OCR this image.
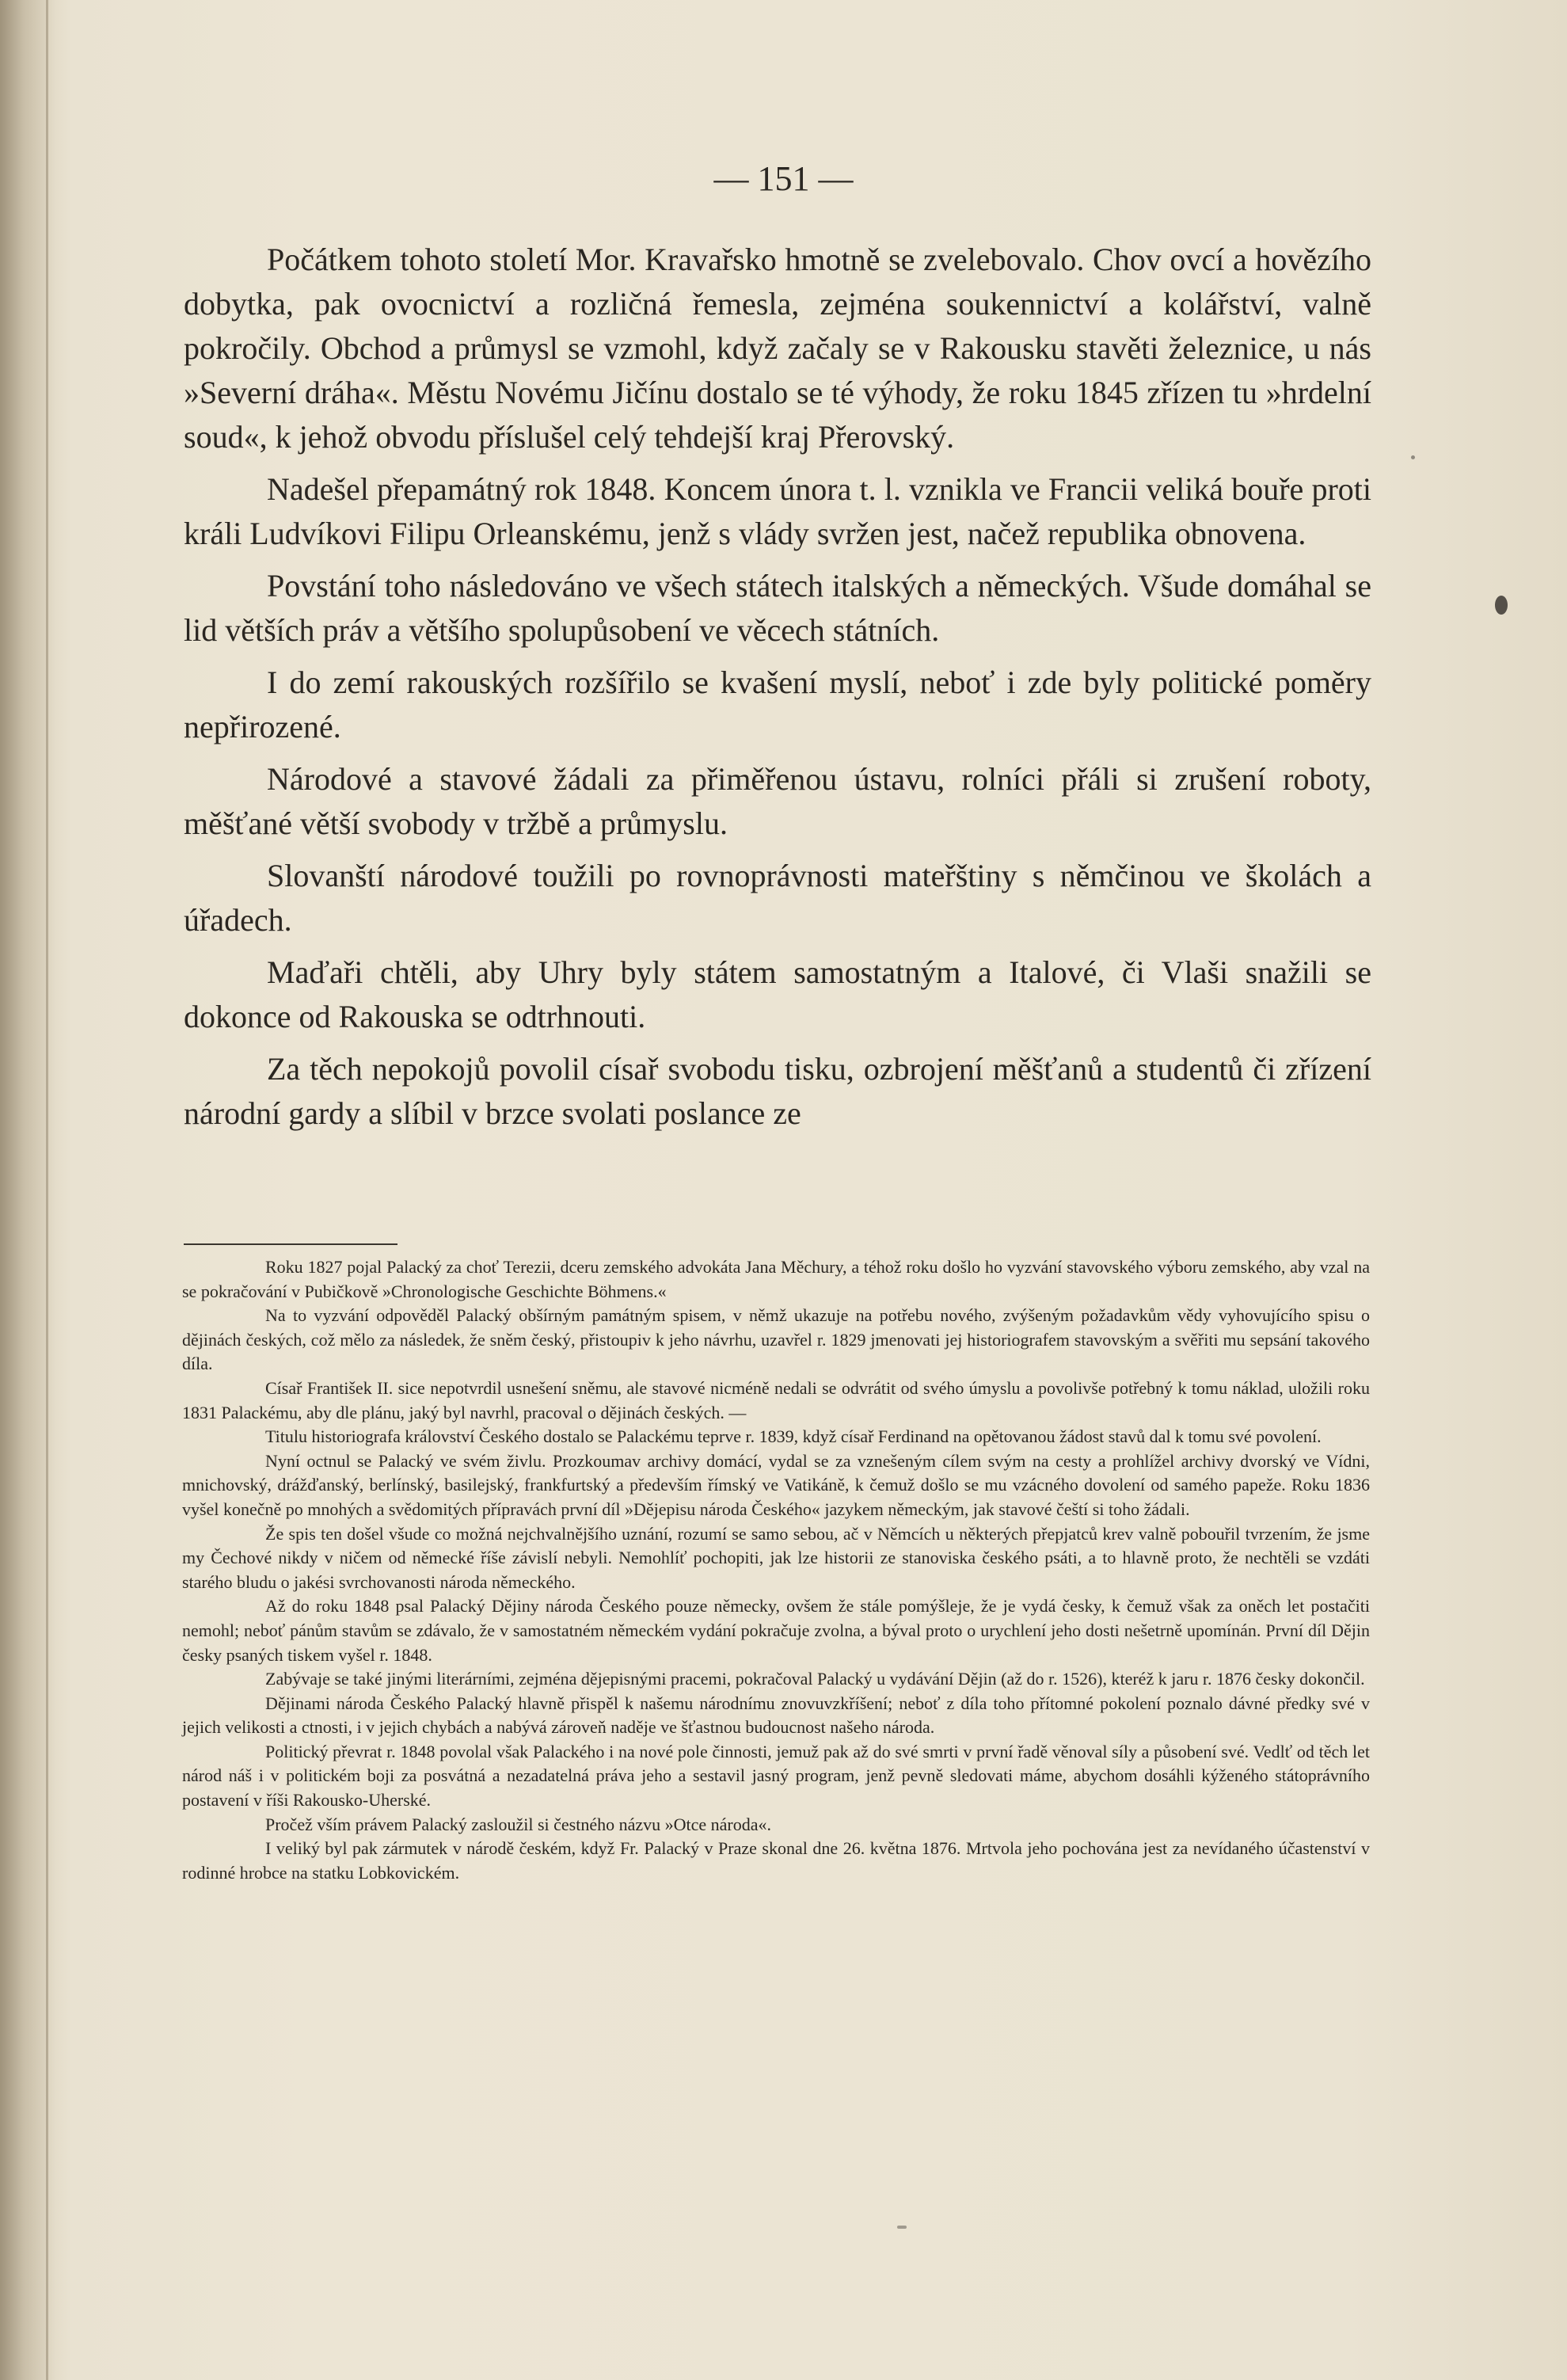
— 151 —

Počátkem tohoto století Mor. Kravařsko hmotně se zvelebovalo. Chov ovcí a hovězího dobytka, pak ovocnictví a rozličná řemesla, zejména soukennictví a kolářství, valně pokročily. Obchod a průmysl se vzmohl, když začaly se v Rakousku stavěti železnice, u nás »Severní dráha«. Městu Novému Jičínu dostalo se té výhody, že roku 1845 zřízen tu »hrdelní soud«, k jehož obvodu příslušel celý tehdejší kraj Přerovský.

Nadešel přepamátný rok 1848. Koncem února t. l. vznikla ve Francii veliká bouře proti králi Ludvíkovi Filipu Orleanskému, jenž s vlády svržen jest, načež republika obnovena.

Povstání toho následováno ve všech státech italských a německých. Všude domáhal se lid větších práv a většího spolupůsobení ve věcech státních.

I do zemí rakouských rozšířilo se kvašení myslí, neboť i zde byly politické poměry nepřirozené.

Národové a stavové žádali za přiměřenou ústavu, rolníci přáli si zrušení roboty, měšťané větší svobody v tržbě a průmyslu.

Slovanští národové toužili po rovnoprávnosti mateřštiny s němčinou ve školách a úřadech.

Maďaři chtěli, aby Uhry byly státem samostatným a Italové, či Vlaši snažili se dokonce od Rakouska se odtrhnouti.

Za těch nepokojů povolil císař svobodu tisku, ozbrojení měšťanů a studentů či zřízení národní gardy a slíbil v brzce svolati poslance ze

Roku 1827 pojal Palacký za choť Terezii, dceru zemského advokáta Jana Měchury, a téhož roku došlo ho vyzvání stavovského výboru zemského, aby vzal na se pokračování v Pubičkově »Chronologische Geschichte Böhmens.«

Na to vyzvání odpověděl Palacký obšírným památným spisem, v němž ukazuje na potřebu nového, zvýšeným požadavkům vědy vyhovujícího spisu o dějinách českých, což mělo za následek, že sněm český, přistoupiv k jeho návrhu, uzavřel r. 1829 jmenovati jej historiografem stavovským a svěřiti mu sepsání takového díla.

Císař František II. sice nepotvrdil usnešení sněmu, ale stavové nicméně nedali se odvrátit od svého úmyslu a povolivše potřebný k tomu náklad, uložili roku 1831 Palackému, aby dle plánu, jaký byl navrhl, pracoval o dějinách českých. —

Titulu historiografa království Českého dostalo se Palackému teprve r. 1839, když císař Ferdinand na opětovanou žádost stavů dal k tomu své povolení.

Nyní octnul se Palacký ve svém živlu. Prozkoumav archivy domácí, vydal se za vznešeným cílem svým na cesty a prohlížel archivy dvorský ve Vídni, mnichovský, drážďanský, berlínský, basilejský, frankfurtský a především římský ve Vatikáně, k čemuž došlo se mu vzácného dovolení od samého papeže. Roku 1836 vyšel konečně po mnohých a svědomitých přípravách první díl »Dějepisu národa Českého« jazykem německým, jak stavové čeští si toho žádali.

Že spis ten došel všude co možná nejchvalnějšího uznání, rozumí se samo sebou, ač v Němcích u některých přepjatců krev valně pobouřil tvrzením, že jsme my Čechové nikdy v ničem od německé říše závislí nebyli. Nemohlíť pochopiti, jak lze historii ze stanoviska českého psáti, a to hlavně proto, že nechtěli se vzdáti starého bludu o jakési svrchovanosti národa německého.

Až do roku 1848 psal Palacký Dějiny národa Českého pouze německy, ovšem že stále pomýšleje, že je vydá česky, k čemuž však za oněch let postačiti nemohl; neboť pánům stavům se zdávalo, že v samostatném německém vydání pokračuje zvolna, a býval proto o urychlení jeho dosti nešetrně upomínán. První díl Dějin česky psaných tiskem vyšel r. 1848.

Zabývaje se také jinými literárními, zejména dějepisnými pracemi, pokračoval Palacký u vydávání Dějin (až do r. 1526), kteréž k jaru r. 1876 česky dokončil.

Dějinami národa Českého Palacký hlavně přispěl k našemu národnímu znovuvzkříšení; neboť z díla toho přítomné pokolení poznalo dávné předky své v jejich velikosti a ctnosti, i v jejich chybách a nabývá zároveň naděje ve šťastnou budoucnost našeho národa.

Politický převrat r. 1848 povolal však Palackého i na nové pole činnosti, jemuž pak až do své smrti v první řadě věnoval síly a působení své. Vedlť od těch let národ náš i v politickém boji za posvátná a nezadatelná práva jeho a sestavil jasný program, jenž pevně sledovati máme, abychom dosáhli kýženého státoprávního postavení v říši Rakousko-Uherské.

Pročež vším právem Palacký zasloužil si čestného názvu »Otce národa«.

I veliký byl pak zármutek v národě českém, když Fr. Palacký v Praze skonal dne 26. května 1876. Mrtvola jeho pochována jest za nevídaného účastenství v rodinné hrobce na statku Lobkovickém.
